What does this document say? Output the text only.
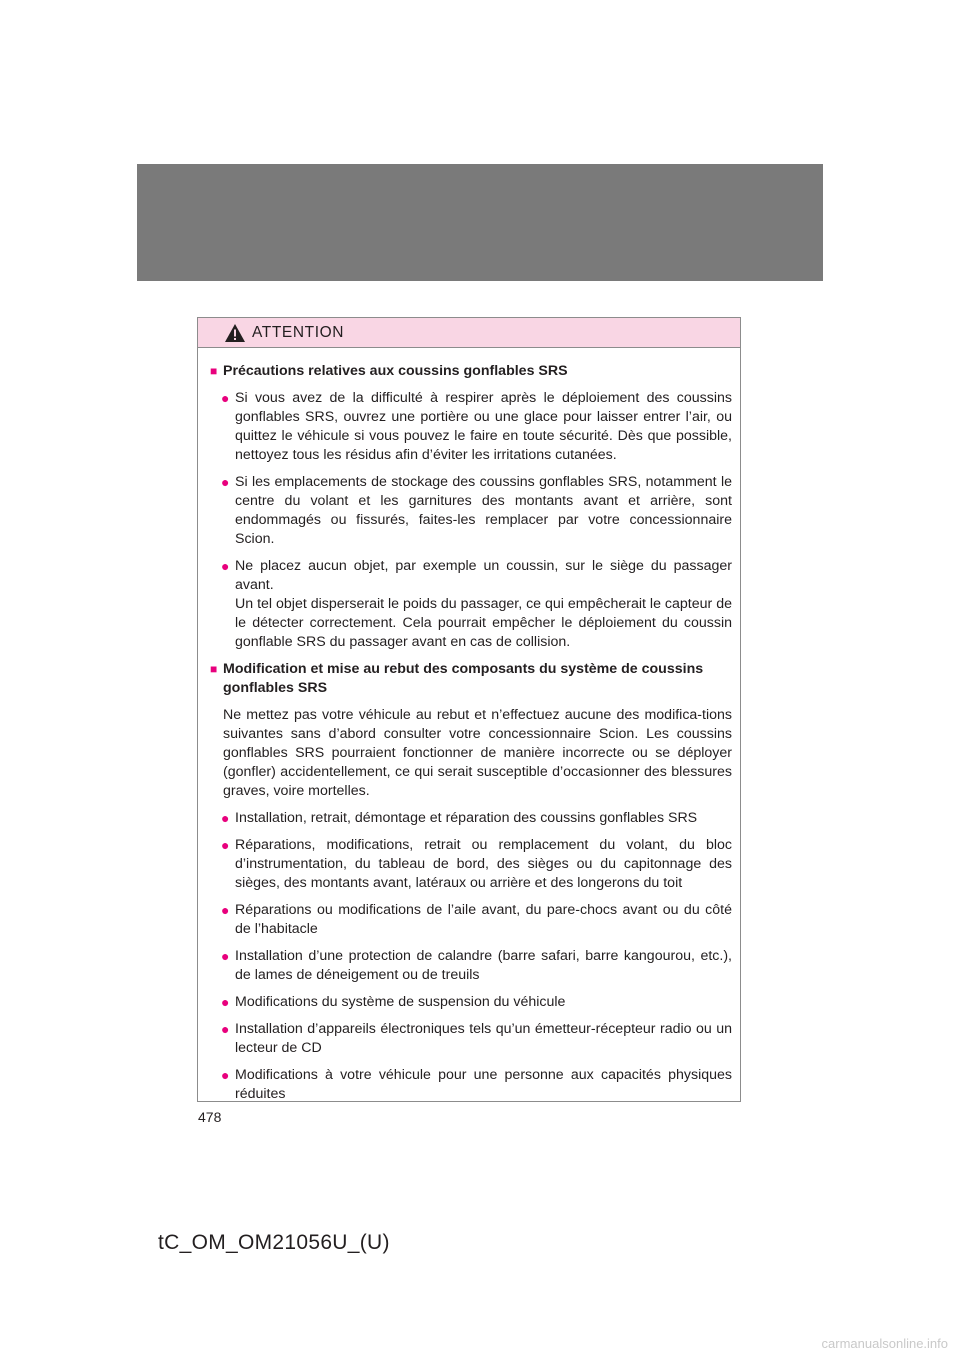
ATTENTION
■ Précautions relatives aux coussins gonflables SRS
● Si vous avez de la difficulté à respirer après le déploiement des coussins gonflables SRS, ouvrez une portière ou une glace pour laisser entrer l’air, ou quittez le véhicule si vous pouvez le faire en toute sécurité. Dès que possible, nettoyez tous les résidus afin d’éviter les irritations cutanées.
● Si les emplacements de stockage des coussins gonflables SRS, notamment le centre du volant et les garnitures des montants avant et arrière, sont endommagés ou fissurés, faites-les remplacer par votre concessionnaire Scion.
● Ne placez aucun objet, par exemple un coussin, sur le siège du passager avant.
Un tel objet disperserait le poids du passager, ce qui empêcherait le capteur de le détecter correctement. Cela pourrait empêcher le déploiement du coussin gonflable SRS du passager avant en cas de collision.
■ Modification et mise au rebut des composants du système de coussins gonflables SRS
Ne mettez pas votre véhicule au rebut et n’effectuez aucune des modifica-tions suivantes sans d’abord consulter votre concessionnaire Scion. Les coussins gonflables SRS pourraient fonctionner de manière incorrecte ou se déployer (gonfler) accidentellement, ce qui serait susceptible d’occasionner des blessures graves, voire mortelles.
● Installation, retrait, démontage et réparation des coussins gonflables SRS
● Réparations, modifications, retrait ou remplacement du volant, du bloc d’instrumentation, du tableau de bord, des sièges ou du capitonnage des sièges, des montants avant, latéraux ou arrière et des longerons du toit
● Réparations ou modifications de l’aile avant, du pare-chocs avant ou du côté de l’habitacle
● Installation d’une protection de calandre (barre safari, barre kangourou, etc.), de lames de déneigement ou de treuils
● Modifications du système de suspension du véhicule
● Installation d’appareils électroniques tels qu’un émetteur-récepteur radio ou un lecteur de CD
● Modifications à votre véhicule pour une personne aux capacités physiques réduites
478
tC_OM_OM21056U_(U)
carmanualsonline.info
